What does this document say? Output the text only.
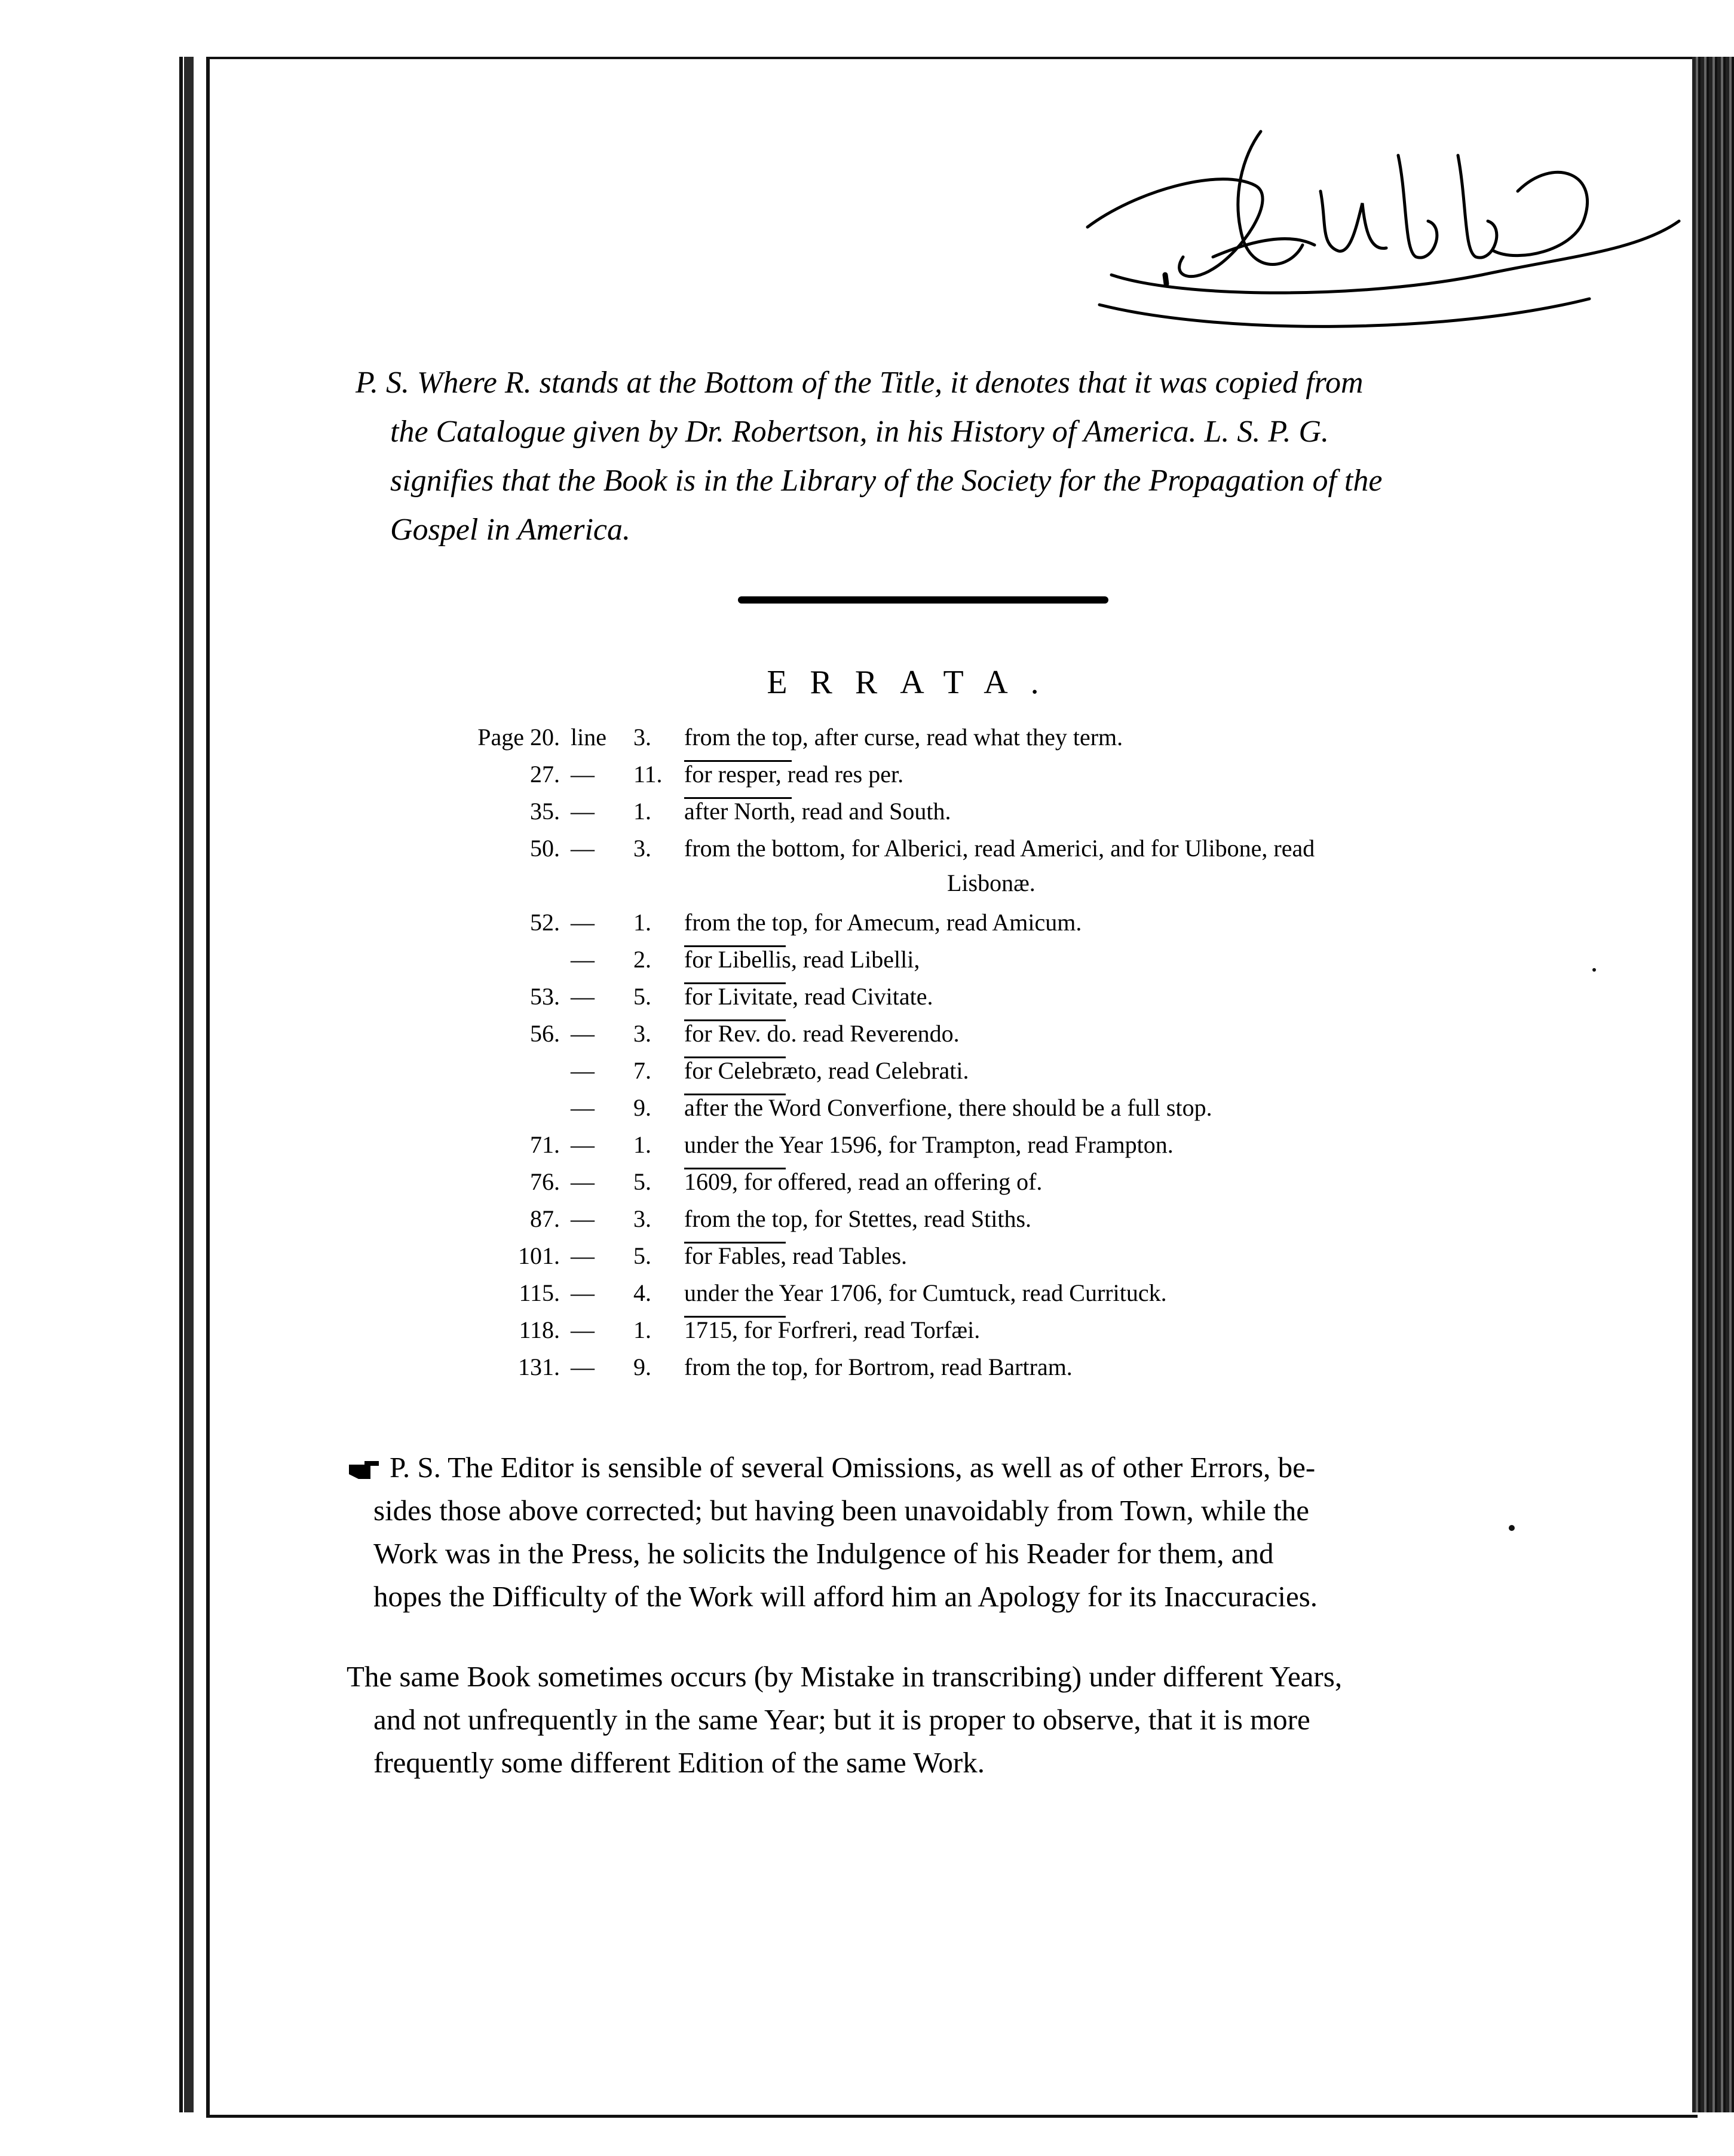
P. S. Where R. stands at the Bottom of the Title, it denotes that it was copied from
the Catalogue given by Dr. Robertson, in his History of America. L. S. P. G.
signifies that the Book is in the Library of the Society for the Propagation of the
Gospel in America.
ERRATA.
Page 20. line	3.	from the top, after curse, read what they term.
27. —	11. for resper, read res per.
35. —	1.	after North, read and South.
50. —	3.	from the bottom, for Alberici, read Americi, and for Ulibone, read
Lisbonæ.
52. —	1.	from the top, for Amecum, read Amicum.
—	2.	for Libellis, read Libelli,
53. —	5.	for Livitate, read Civitate.
56. —	3.	for Rev. do. read Reverendo.
—	7.	for Celebræto, read Celebrati.
—	9.	after the Word Converfione, there should be a full stop.
71. —	1.	under the Year 1596, for Trampton, read Frampton.
76. —	5.	1609, for offered, read an offering of.
87. —	3.	from the top, for Stettes, read Stiths.
101. —	5.	for Fables, read Tables.
115. —	4.	under the Year 1706, for Cumtuck, read Currituck.
118. —	1.	1715, for Forfreri, read Torfæi.
131. —	9.	from the top, for Bortrom, read Bartram.
P. S. The Editor is sensible of several Omissions, as well as of other Errors, be-
sides those above corrected; but having been unavoidably from Town, while the
Work was in the Press, he solicits the Indulgence of his Reader for them, and
hopes the Difficulty of the Work will afford him an Apology for its Inaccuracies.
The same Book sometimes occurs (by Mistake in transcribing) under different Years,
and not unfrequently in the same Year; but it is proper to observe, that it is more
frequently some different Edition of the same Work.
